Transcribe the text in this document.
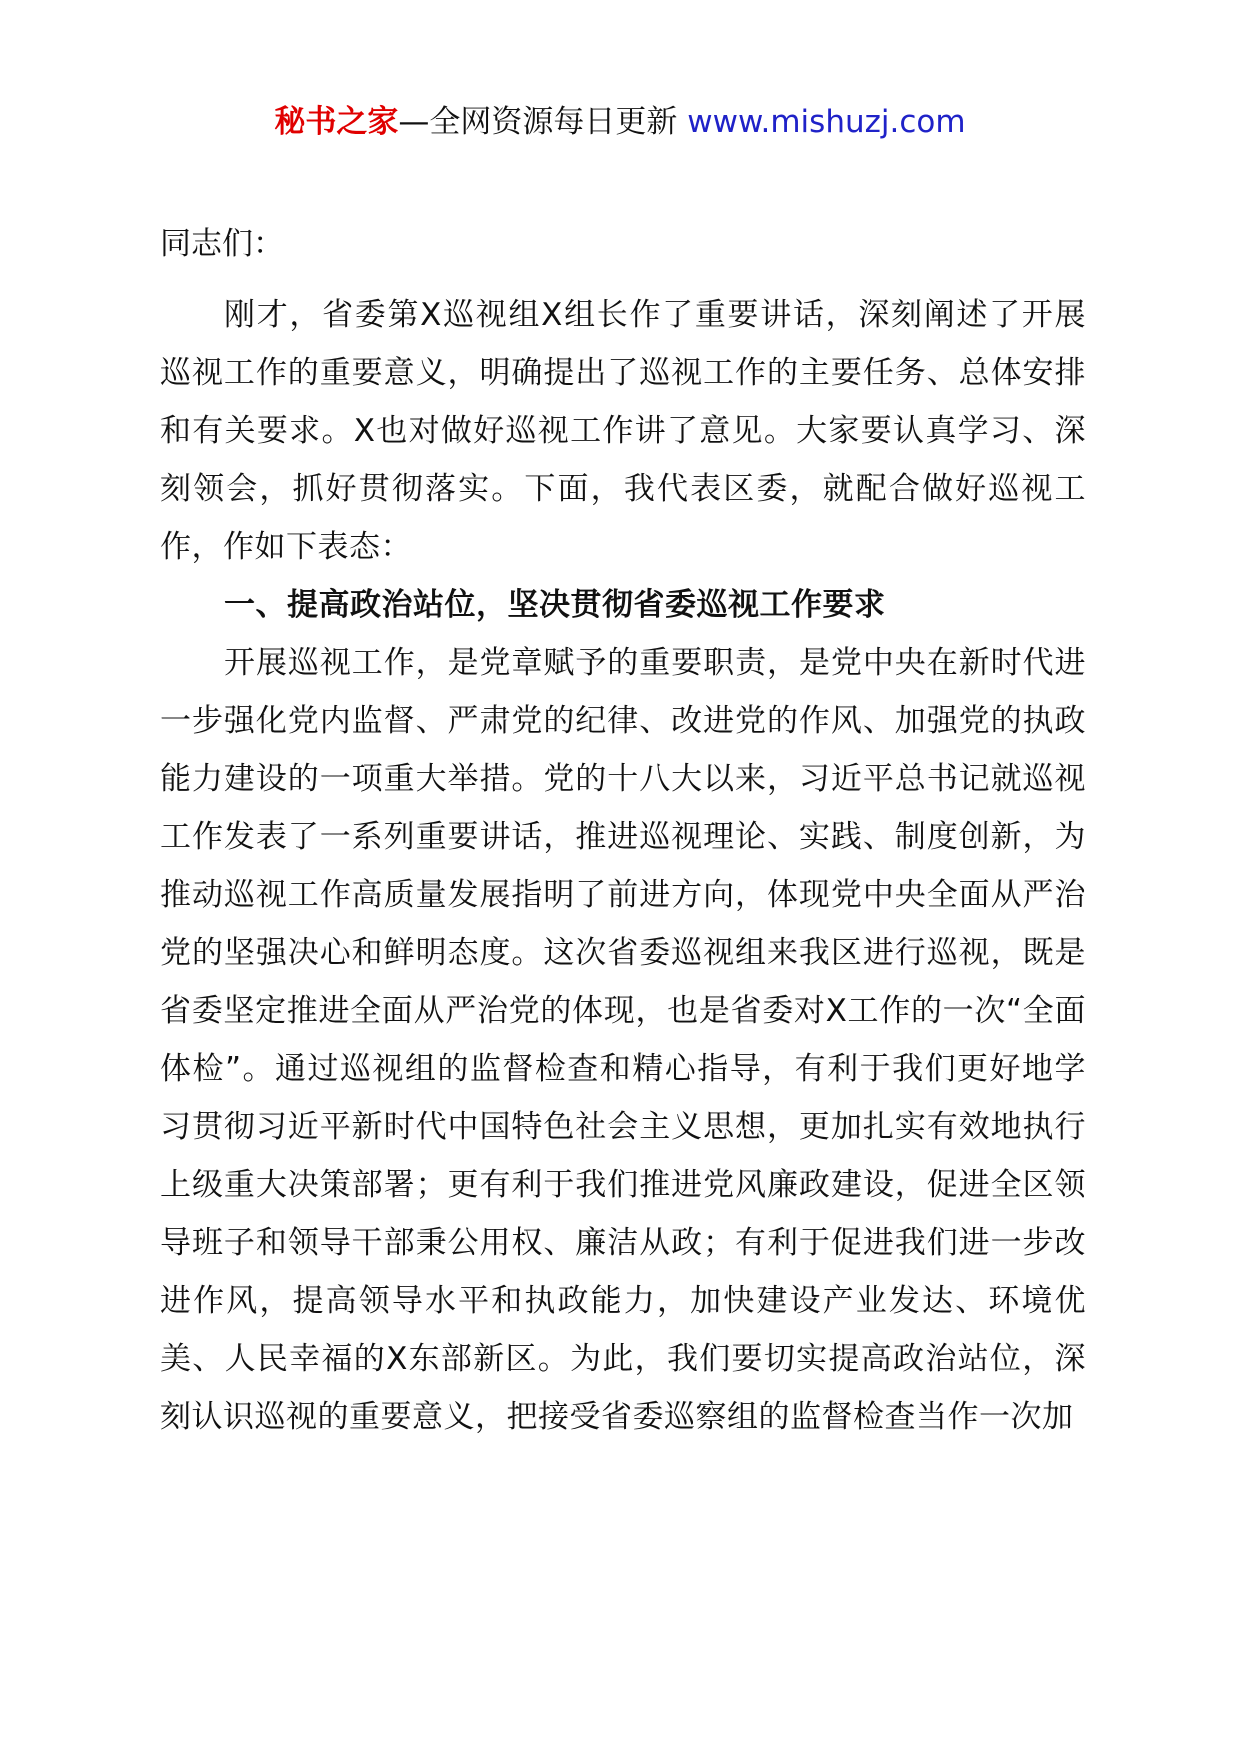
秘书之家—全网资源每日更新 www.mishuzj.com

同志们：

刚才，省委第X巡视组X组长作了重要讲话，深刻阐述了开展巡视工作的重要意义，明确提出了巡视工作的主要任务、总体安排和有关要求。X也对做好巡视工作讲了意见。大家要认真学习、深刻领会，抓好贯彻落实。下面，我代表区委，就配合做好巡视工作，作如下表态：

一、提高政治站位，坚决贯彻省委巡视工作要求

开展巡视工作，是党章赋予的重要职责，是党中央在新时代进一步强化党内监督、严肃党的纪律、改进党的作风、加强党的执政能力建设的一项重大举措。党的十八大以来，习近平总书记就巡视工作发表了一系列重要讲话，推进巡视理论、实践、制度创新，为推动巡视工作高质量发展指明了前进方向，体现党中央全面从严治党的坚强决心和鲜明态度。这次省委巡视组来我区进行巡视，既是省委坚定推进全面从严治党的体现，也是省委对X工作的一次“全面体检”。通过巡视组的监督检查和精心指导，有利于我们更好地学习贯彻习近平新时代中国特色社会主义思想，更加扎实有效地执行上级重大决策部署；更有利于我们推进党风廉政建设，促进全区领导班子和领导干部秉公用权、廉洁从政；有利于促进我们进一步改进作风，提高领导水平和执政能力，加快建设产业发达、环境优美、人民幸福的X东部新区。为此，我们要切实提高政治站位，深刻认识巡视的重要意义，把接受省委巡察组的监督检查当作一次加
